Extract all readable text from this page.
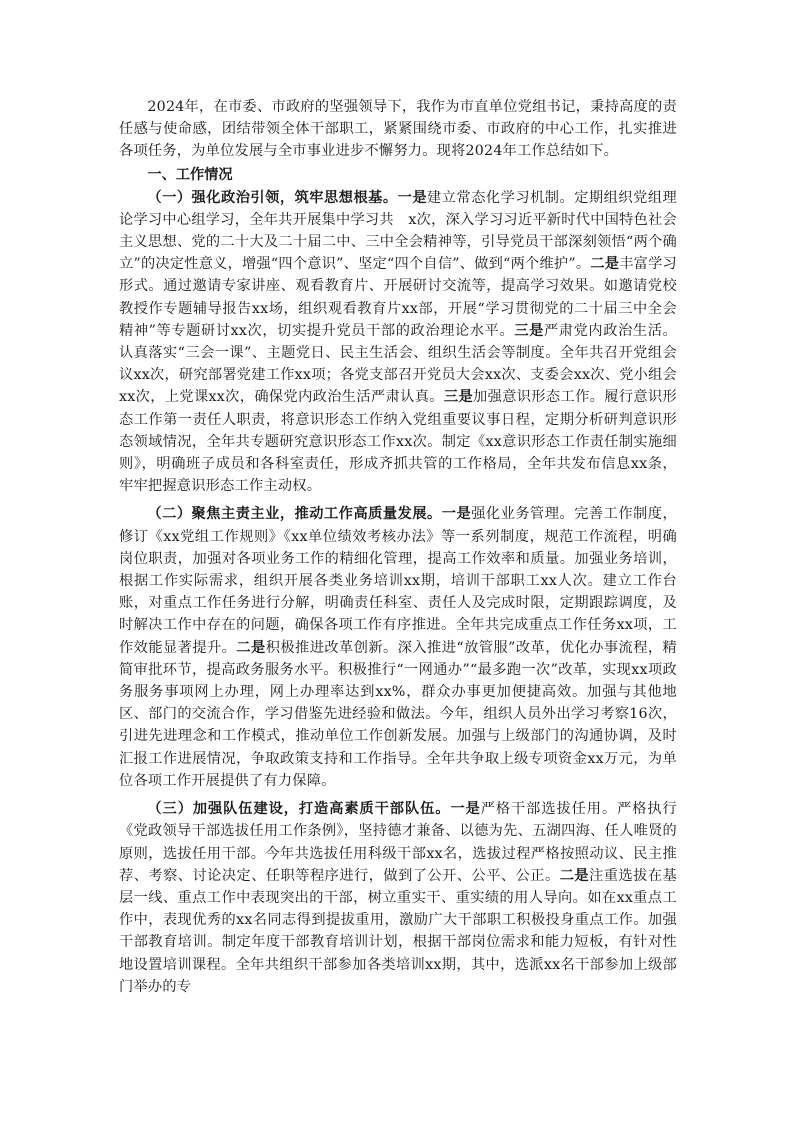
2024年，在市委、市政府的坚强领导下，我作为市直单位党组书记，秉持高度的责任感与使命感，团结带领全体干部职工，紧紧围绕市委、市政府的中心工作，扎实推进各项任务，为单位发展与全市事业进步不懈努力。现将2024年工作总结如下。

一、工作情况

（一）强化政治引领，筑牢思想根基。一是建立常态化学习机制。定期组织党组理论学习中心组学习，全年共开展集中学习共　x次，深入学习习近平新时代中国特色社会主义思想、党的二十大及二十届二中、三中全会精神等，引导党员干部深刻领悟“两个确立”的决定性意义，增强“四个意识”、坚定“四个自信”、做到“两个维护”。二是丰富学习形式。通过邀请专家讲座、观看教育片、开展研讨交流等，提高学习效果。如邀请党校教授作专题辅导报告xx场，组织观看教育片xx部，开展“学习贯彻党的二十届三中全会精神”等专题研讨xx次，切实提升党员干部的政治理论水平。三是严肃党内政治生活。认真落实“三会一课”、主题党日、民主生活会、组织生活会等制度。全年共召开党组会议xx次，研究部署党建工作xx项；各党支部召开党员大会xx次、支委会xx次、党小组会xx次，上党课xx次，确保党内政治生活严肃认真。三是加强意识形态工作。履行意识形态工作第一责任人职责，将意识形态工作纳入党组重要议事日程，定期分析研判意识形态领域情况，全年共专题研究意识形态工作xx次。制定《xx意识形态工作责任制实施细则》，明确班子成员和各科室责任，形成齐抓共管的工作格局，全年共发布信息xx条，牢牢把握意识形态工作主动权。

（二）聚焦主责主业，推动工作高质量发展。一是强化业务管理。完善工作制度，修订《xx党组工作规则》《xx单位绩效考核办法》等一系列制度，规范工作流程，明确岗位职责，加强对各项业务工作的精细化管理，提高工作效率和质量。加强业务培训，根据工作实际需求，组织开展各类业务培训xx期，培训干部职工xx人次。建立工作台账，对重点工作任务进行分解，明确责任科室、责任人及完成时限，定期跟踪调度，及时解决工作中存在的问题，确保各项工作有序推进。全年共完成重点工作任务xx项，工作效能显著提升。二是积极推进改革创新。深入推进“放管服”改革，优化办事流程，精简审批环节，提高政务服务水平。积极推行“一网通办”“最多跑一次”改革，实现xx项政务服务事项网上办理，网上办理率达到xx%，群众办事更加便捷高效。加强与其他地区、部门的交流合作，学习借鉴先进经验和做法。今年，组织人员外出学习考察16次，引进先进理念和工作模式，推动单位工作创新发展。加强与上级部门的沟通协调，及时汇报工作进展情况，争取政策支持和工作指导。全年共争取上级专项资金xx万元，为单位各项工作开展提供了有力保障。

（三）加强队伍建设，打造高素质干部队伍。一是严格干部选拔任用。严格执行《党政领导干部选拔任用工作条例》，坚持德才兼备、以德为先、五湖四海、任人唯贤的原则，选拔任用干部。今年共选拔任用科级干部xx名，选拔过程严格按照动议、民主推荐、考察、讨论决定、任职等程序进行，做到了公开、公平、公正。二是注重选拔在基层一线、重点工作中表现突出的干部，树立重实干、重实绩的用人导向。如在xx重点工作中，表现优秀的xx名同志得到提拔重用，激励广大干部职工积极投身重点工作。加强干部教育培训。制定年度干部教育培训计划，根据干部岗位需求和能力短板，有针对性地设置培训课程。全年共组织干部参加各类培训xx期，其中，选派xx名干部参加上级部门举办的专
